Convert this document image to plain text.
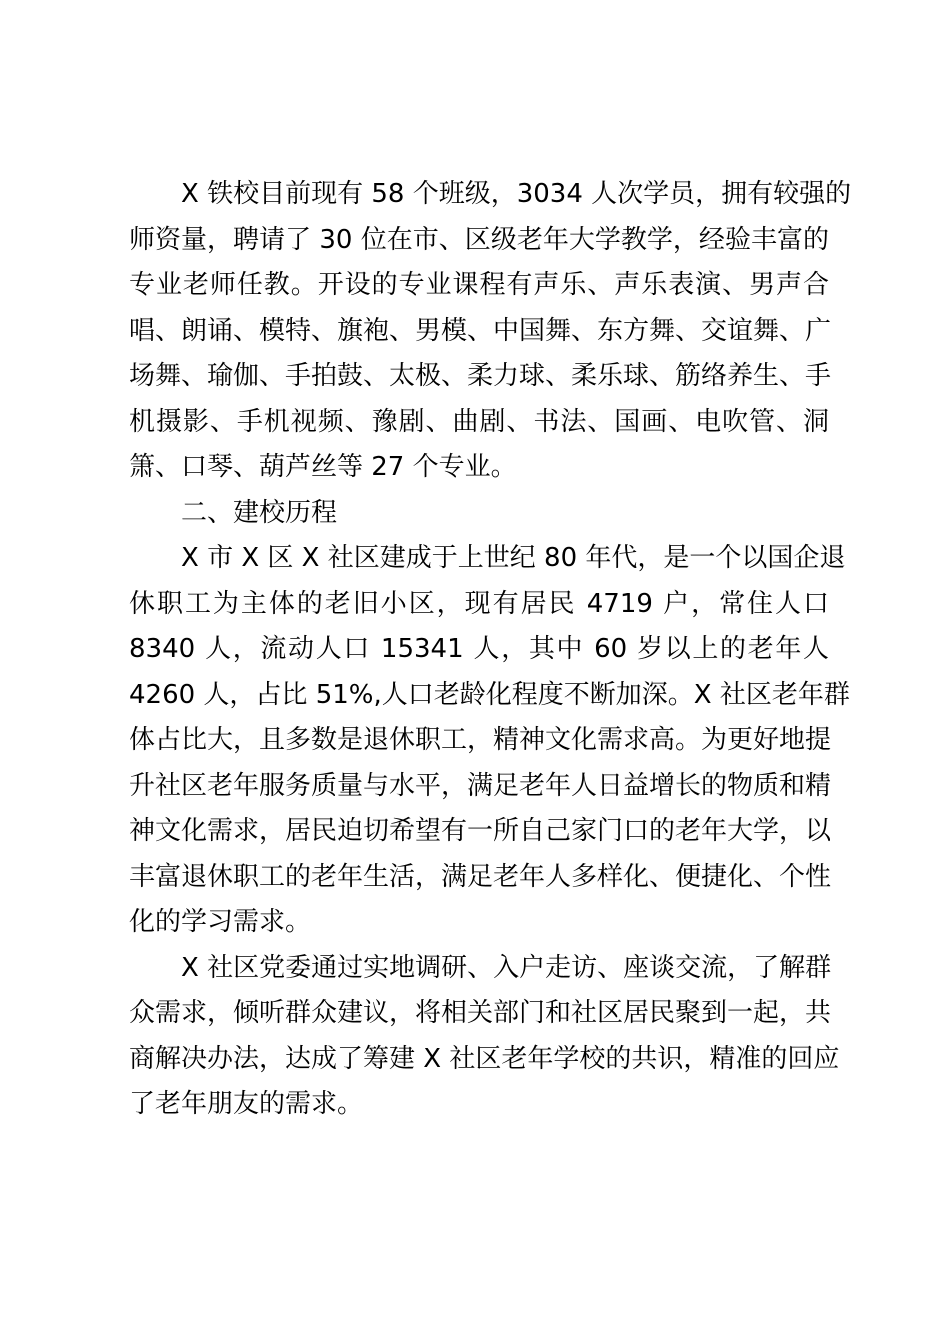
X 铁校目前现有 58 个班级，3034 人次学员，拥有较强的
师资量，聘请了 30 位在市、区级老年大学教学，经验丰富的
专业老师任教。开设的专业课程有声乐、声乐表演、男声合
唱、朗诵、模特、旗袍、男模、中国舞、东方舞、交谊舞、广
场舞、瑜伽、手拍鼓、太极、柔力球、柔乐球、筋络养生、手
机摄影、手机视频、豫剧、曲剧、书法、国画、电吹管、洞
箫、口琴、葫芦丝等 27 个专业。
二、建校历程
X 市 X 区 X 社区建成于上世纪 80 年代，是一个以国企退
休职工为主体的老旧小区，现有居民 4719 户，常住人口
8340 人，流动人口 15341 人，其中 60 岁以上的老年人
4260 人，占比 51%,人口老龄化程度不断加深。X 社区老年群
体占比大，且多数是退休职工，精神文化需求高。为更好地提
升社区老年服务质量与水平，满足老年人日益增长的物质和精
神文化需求，居民迫切希望有一所自己家门口的老年大学，以
丰富退休职工的老年生活，满足老年人多样化、便捷化、个性
化的学习需求。
X 社区党委通过实地调研、入户走访、座谈交流，了解群
众需求，倾听群众建议，将相关部门和社区居民聚到一起，共
商解决办法，达成了筹建 X 社区老年学校的共识，精准的回应
了老年朋友的需求。
